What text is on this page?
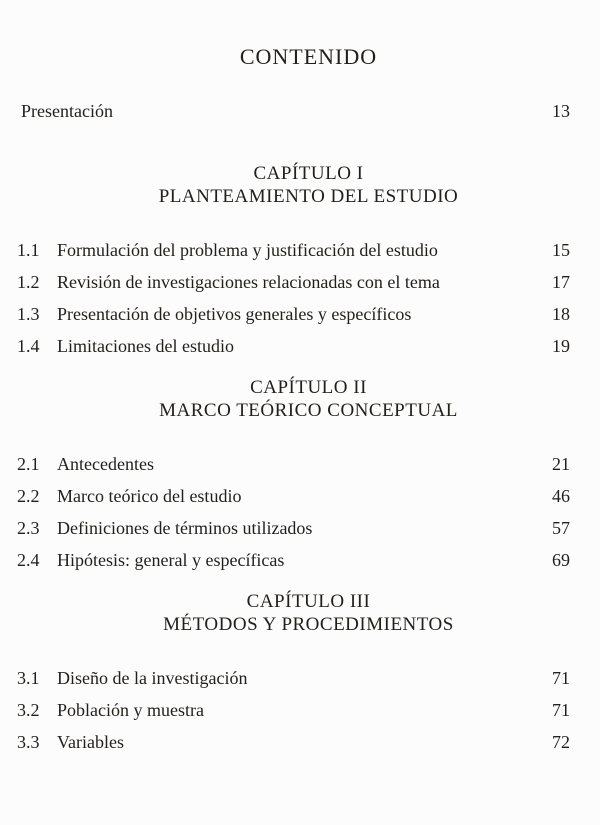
CONTENIDO
Presentación	13
CAPÍTULO I
PLANTEAMIENTO DEL ESTUDIO
1.1 Formulación del problema y justificación del estudio	15
1.2 Revisión de investigaciones relacionadas con el tema	17
1.3 Presentación de objetivos generales y específicos	18
1.4 Limitaciones del estudio	19
CAPÍTULO II
MARCO TEÓRICO CONCEPTUAL
2.1 Antecedentes	21
2.2 Marco teórico del estudio	46
2.3 Definiciones de términos utilizados	57
2.4 Hipótesis: general y específicas	69
CAPÍTULO III
MÉTODOS Y PROCEDIMIENTOS
3.1 Diseño de la investigación	71
3.2 Población y muestra	71
3.3 Variables	72
